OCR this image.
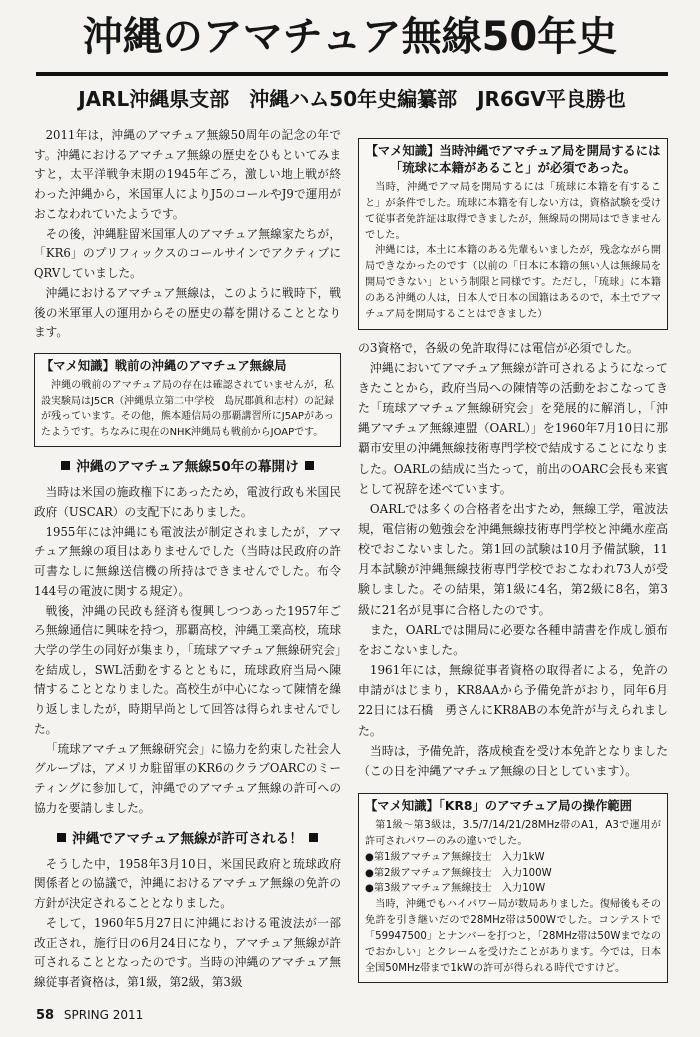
沖縄のアマチュア無線50年史
JARL沖縄県支部　沖縄ハム50年史編纂部　JR6GV平良勝也

2011年は，沖縄のアマチュア無線50周年の記念の年です。沖縄におけるアマチュア無線の歴史をひもといてみますと，太平洋戦争末期の1945年ごろ，激しい地上戦が終わった沖縄から，米国軍人によりJ5のコールやJ9で運用がおこなわれていたようです。

その後，沖縄駐留米国軍人のアマチュア無線家たちが，「KR6」のプリフィックスのコールサインでアクティブにQRVしていました。

沖縄におけるアマチュア無線は，このように戦時下，戦後の米軍軍人の運用からその歴史の幕を開けることとなります。

【マメ知識】戦前の沖縄のアマチュア無線局

沖縄の戦前のアマチュア局の存在は確認されていませんが，私設実験局はJ5CR（沖縄県立第二中学校　島尻郡眞和志村）の記録が残っています。その他，熊本逓信局の那覇講習所にJ5APがあったようです。ちなみに現在のNHK沖縄局も戦前からJOAPです。

沖縄のアマチュア無線50年の幕開け

当時は米国の施政権下にあったため，電波行政も米国民政府（USCAR）の支配下にありました。

1955年には沖縄にも電波法が制定されましたが，アマチュア無線の項目はありませんでした（当時は民政府の許可書なしに無線送信機の所持はできませんでした。布令144号の電波に関する規定）。

戦後，沖縄の民政も経済も復興しつつあった1957年ごろ無線通信に興味を持つ，那覇高校，沖縄工業高校，琉球大学の学生の同好が集まり，「琉球アマチュア無線研究会」を結成し，SWL活動をするとともに，琉球政府当局へ陳情することとなりました。高校生が中心になって陳情を繰り返しましたが，時期早尚として回答は得られませんでした。

「琉球アマチュア無線研究会」に協力を約束した社会人グループは，アメリカ駐留軍のKR6のクラブOARCのミーティングに参加して，沖縄でのアマチュア無線の許可への協力を要請しました。

沖縄でアマチュア無線が許可される！

そうした中，1958年3月10日，米国民政府と琉球政府関係者との協議で，沖縄におけるアマチュア無線の免許の方針が決定されることとなりました。

そして，1960年5月27日に沖縄における電波法が一部改正され，施行日の6月24日になり，アマチュア無線が許可されることとなったのです。当時の沖縄のアマチュア無線従事者資格は，第1級，第2級，第3級

【マメ知識】当時沖縄でアマチュア局を開局するには「琉球に本籍があること」が必須であった。

当時，沖縄でアマ局を開局するには「琉球に本籍を有すること」が条件でした。琉球に本籍を有しない方は，資格試験を受けて従事者免許証は取得できましたが，無線局の開局はできませんでした。

沖縄には，本土に本籍のある先輩もいましたが，残念ながら開局できなかったのです（以前の「日本に本籍の無い人は無線局を開局できない」という制限と同様です。ただし，「琉球」に本籍のある沖縄の人は，日本人で日本の国籍はあるので，本土でアマチュア局を開局することはできました）

の3資格で，各級の免許取得には電信が必須でした。

沖縄においてアマチュア無線が許可されるようになってきたことから，政府当局への陳情等の活動をおこなってきた「琉球アマチュア無線研究会」を発展的に解消し，「沖縄アマチュア無線連盟（OARL）」を1960年7月10日に那覇市安里の沖縄無線技術専門学校で結成することになりました。OARLの結成に当たって，前出のOARC会長も来賓として祝辞を述べています。

OARLでは多くの合格者を出すため，無線工学，電波法規，電信術の勉強会を沖縄無線技術専門学校と沖縄水産高校でおこないました。第1回の試験は10月予備試験，11月本試験が沖縄無線技術専門学校でおこなわれ73人が受験しました。その結果，第1級に4名，第2級に8名，第3級に21名が見事に合格したのです。

また，OARLでは開局に必要な各種申請書を作成し頒布をおこないました。

1961年には，無線従事者資格の取得者による，免許の申請がはじまり，KR8AAから予備免許がおり，同年6月22日には石橋　勇さんにKR8ABの本免許が与えられました。

当時は，予備免許，落成検査を受け本免許となりました（この日を沖縄アマチュア無線の日としています）。

【マメ知識】「KR8」のアマチュア局の操作範囲

第1級～第3級は，3.5/7/14/21/28MHz帯のA1，A3で運用が許可されパワーのみの違いでした。

●第1級アマチュア無線技士　入力1kW
●第2級アマチュア無線技士　入力100W
●第3級アマチュア無線技士　入力10W

当時，沖縄でもハイパワー局が数局ありました。復帰後もその免許を引き継いだので28MHz帯は500Wでした。コンテストで「59947500」とナンバーを打つと，「28MHz帯は50Wまでなのでおかしい」とクレームを受けたことがあります。今では，日本全国50MHz帯まで1kWの許可が得られる時代ですけど。

58 SPRING 2011
